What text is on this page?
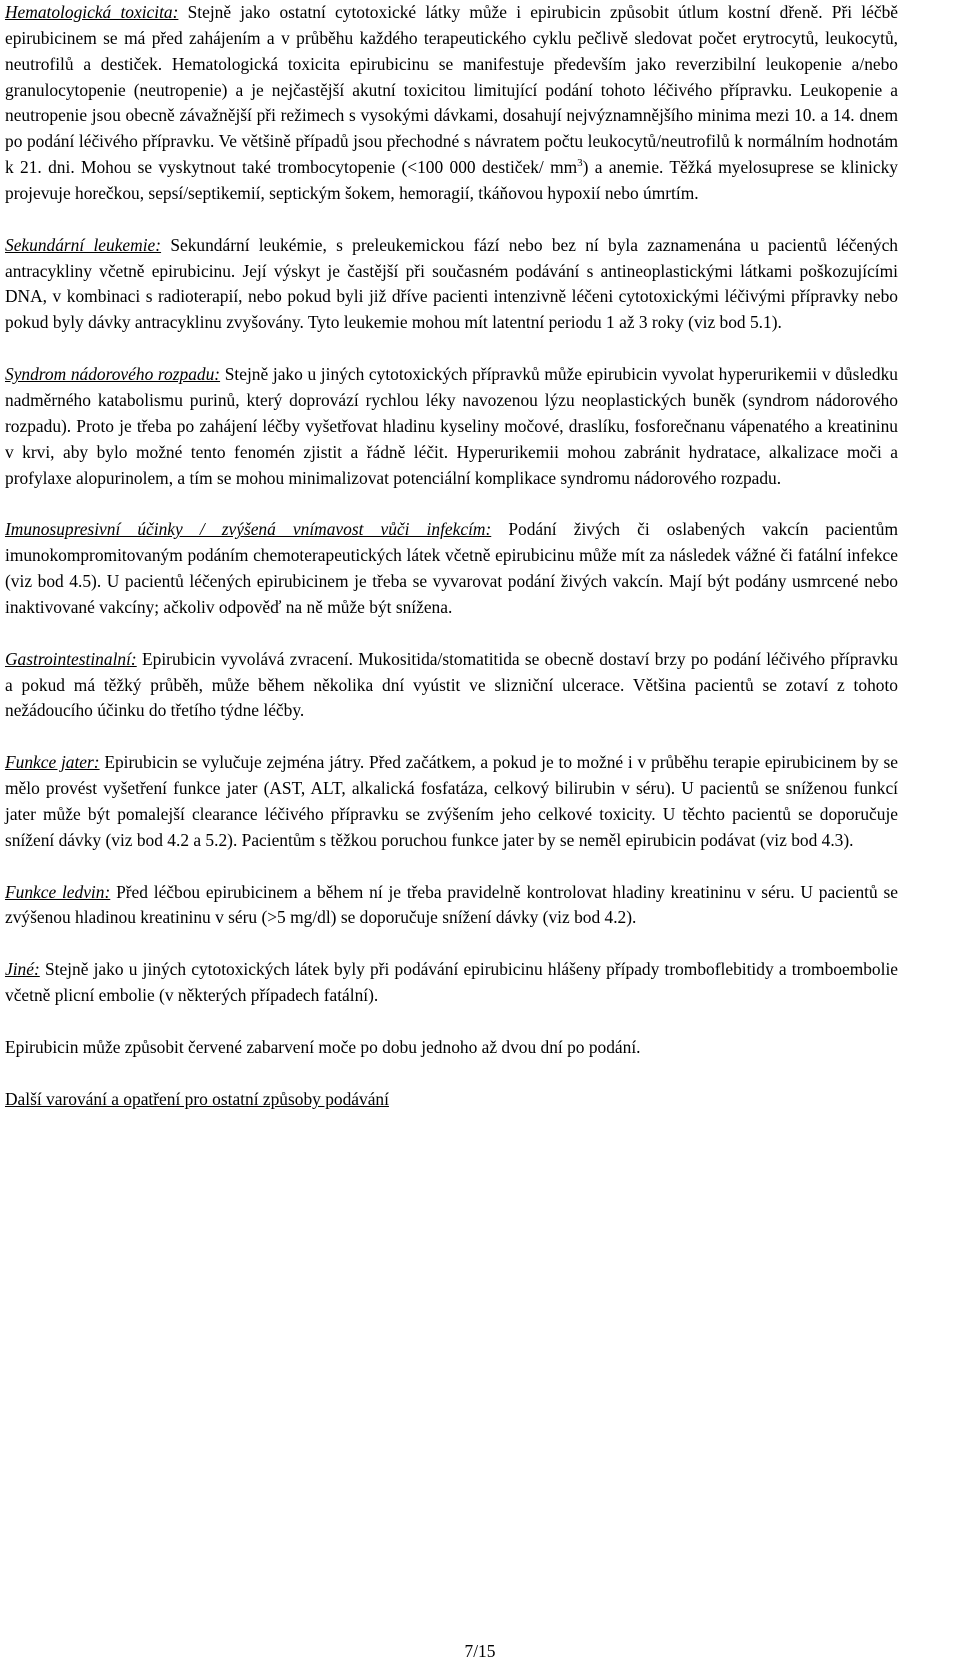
Hematologická toxicita: Stejně jako ostatní cytotoxické látky může i epirubicin způsobit útlum kostní dřeně. Při léčbě epirubicinem se má před zahájením a v průběhu každého terapeutického cyklu pečlivě sledovat počet erytrocytů, leukocytů, neutrofilů a destiček. Hematologická toxicita epirubicinu se manifestuje především jako reverzibilní leukopenie a/nebo granulocytopenie (neutropenie) a je nejčastější akutní toxicitou limitující podání tohoto léčivého přípravku. Leukopenie a neutropenie jsou obecně závažnější při režimech s vysokými dávkami, dosahují nejvýznamnějšího minima mezi 10. a 14. dnem po podání léčivého přípravku. Ve většině případů jsou přechodné s návratem počtu leukocytů/neutrofilů k normálním hodnotám k 21. dni. Mohou se vyskytnout také trombocytopenie (<100 000 destiček/ $mm^3$) a anemie. Těžká myelosuprese se klinicky projevuje horečkou, sepsí/septikemií, septickým šokem, hemoragií, tkáňovou hypoxií nebo úmrtím.

Sekundární leukemie: Sekundární leukémie, s preleukemickou fází nebo bez ní byla zaznamenána u pacientů léčených antracykliny včetně epirubicinu. Její výskyt je častější při současném podávání s antineoplastickými látkami poškozujícími DNA, v kombinaci s radioterapií, nebo pokud byli již dříve pacienti intenzivně léčeni cytotoxickými léčivými přípravky nebo pokud byly dávky antracyklinu zvyšovány. Tyto leukemie mohou mít latentní periodu 1 až 3 roky (viz bod 5.1).

Syndrom nádorového rozpadu: Stejně jako u jiných cytotoxických přípravků může epirubicin vyvolat hyperurikemii v důsledku nadměrného katabolismu purinů, který doprovází rychlou léky navozenou lýzu neoplastických buněk (syndrom nádorového rozpadu). Proto je třeba po zahájení léčby vyšetřovat hladinu kyseliny močové, draslíku, fosforečnanu vápenatého a kreatininu v krvi, aby bylo možné tento fenomén zjistit a řádně léčit. Hyperurikemii mohou zabránit hydratace, alkalizace moči a profylaxe alopurinolem, a tím se mohou minimalizovat potenciální komplikace syndromu nádorového rozpadu.

Imunosupresivní účinky / zvýšená vnímavost vůči infekcím: Podání živých či oslabených vakcín pacientům imunokompromitovaným podáním chemoterapeutických látek včetně epirubicinu může mít za následek vážné či fatální infekce (viz bod 4.5). U pacientů léčených epirubicinem je třeba se vyvarovat podání živých vakcín. Mají být podány usmrcené nebo inaktivované vakcíny; ačkoliv odpověď na ně může být snížena.

Gastrointestinalní: Epirubicin vyvolává zvracení. Mukositida/stomatitida se obecně dostaví brzy po podání léčivého přípravku a pokud má těžký průběh, může během několika dní vyústit ve slizniční ulcerace. Většina pacientů se zotaví z tohoto nežádoucího účinku do třetího týdne léčby.

Funkce jater: Epirubicin se vylučuje zejména játry. Před začátkem, a pokud je to možné i v průběhu terapie epirubicinem by se mělo provést vyšetření funkce jater (AST, ALT, alkalická fosfatáza, celkový bilirubin v séru). U pacientů se sníženou funkcí jater může být pomalejší clearance léčivého přípravku se zvýšením jeho celkové toxicity. U těchto pacientů se doporučuje snížení dávky (viz bod 4.2 a 5.2). Pacientům s těžkou poruchou funkce jater by se neměl epirubicin podávat (viz bod 4.3).

Funkce ledvin: Před léčbou epirubicinem a během ní je třeba pravidelně kontrolovat hladiny kreatininu v séru. U pacientů se zvýšenou hladinou kreatininu v séru (>5 mg/dl) se doporučuje snížení dávky (viz bod 4.2).

Jiné: Stejně jako u jiných cytotoxických látek byly při podávání epirubicinu hlášeny případy tromboflebitidy a tromboembolie včetně plicní embolie (v některých případech fatální).

Epirubicin může způsobit červené zabarvení moče po dobu jednoho až dvou dní po podání.

Další varování a opatření pro ostatní způsoby podávání

7/15
